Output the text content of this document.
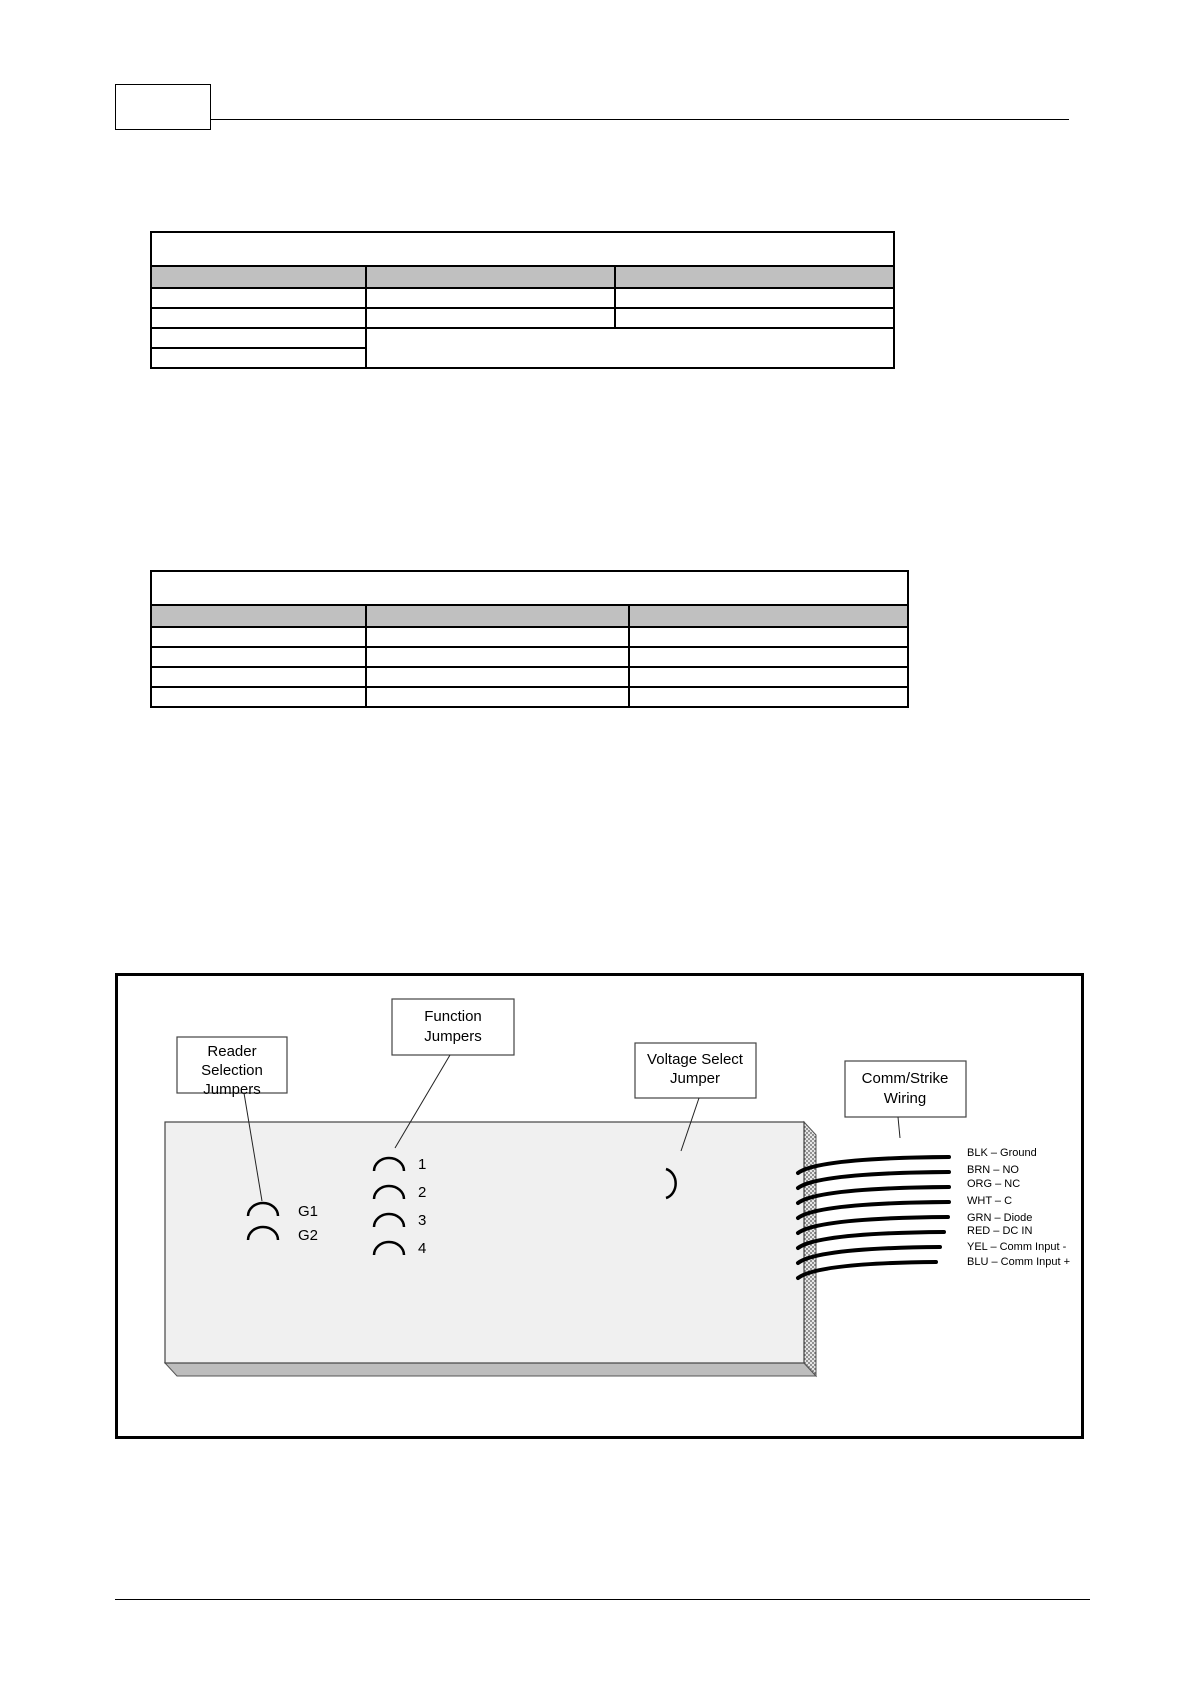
Reader
Selection
Jumpers
Function
Jumpers
Voltage Select
Jumper	Comm/Strike
Wiring
G1
G2
1
2
3
4
BLK – Ground
BRN – NO
ORG – NC
WHT – C
GRN – Diode
RED – DC IN
YEL – Comm Input -
BLU – Comm Input +
